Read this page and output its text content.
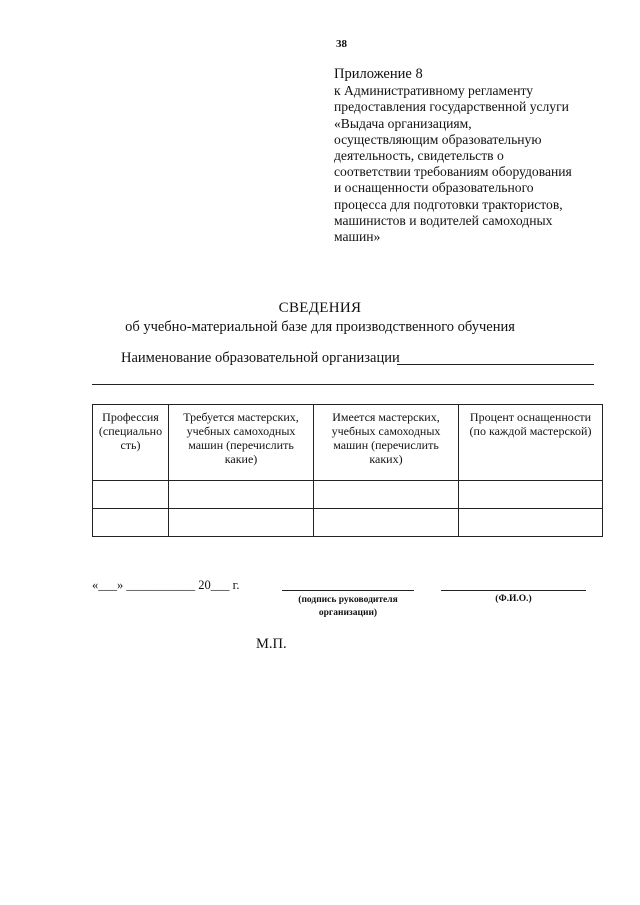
38
Приложение 8
к Административному регламенту
предоставления государственной услуги
«Выдача организациям,
осуществляющим образовательную
деятельность, свидетельств о
соответствии требованиям оборудования
и оснащенности образовательного
процесса для подготовки трактористов,
машинистов и водителей самоходных
машин»
СВЕДЕНИЯ
об учебно-материальной базе для производственного обучения
Наименование образовательной организации
Профессия (специально сть)	Требуется мастерских, учебных самоходных машин (перечислить какие)	Имеется мастерских, учебных самоходных машин (перечислить каких)	Процент оснащенности (по каждой мастерской)

«___» ___________ 20___ г.
(подпись руководителя организации)
(Ф.И.О.)
М.П.
